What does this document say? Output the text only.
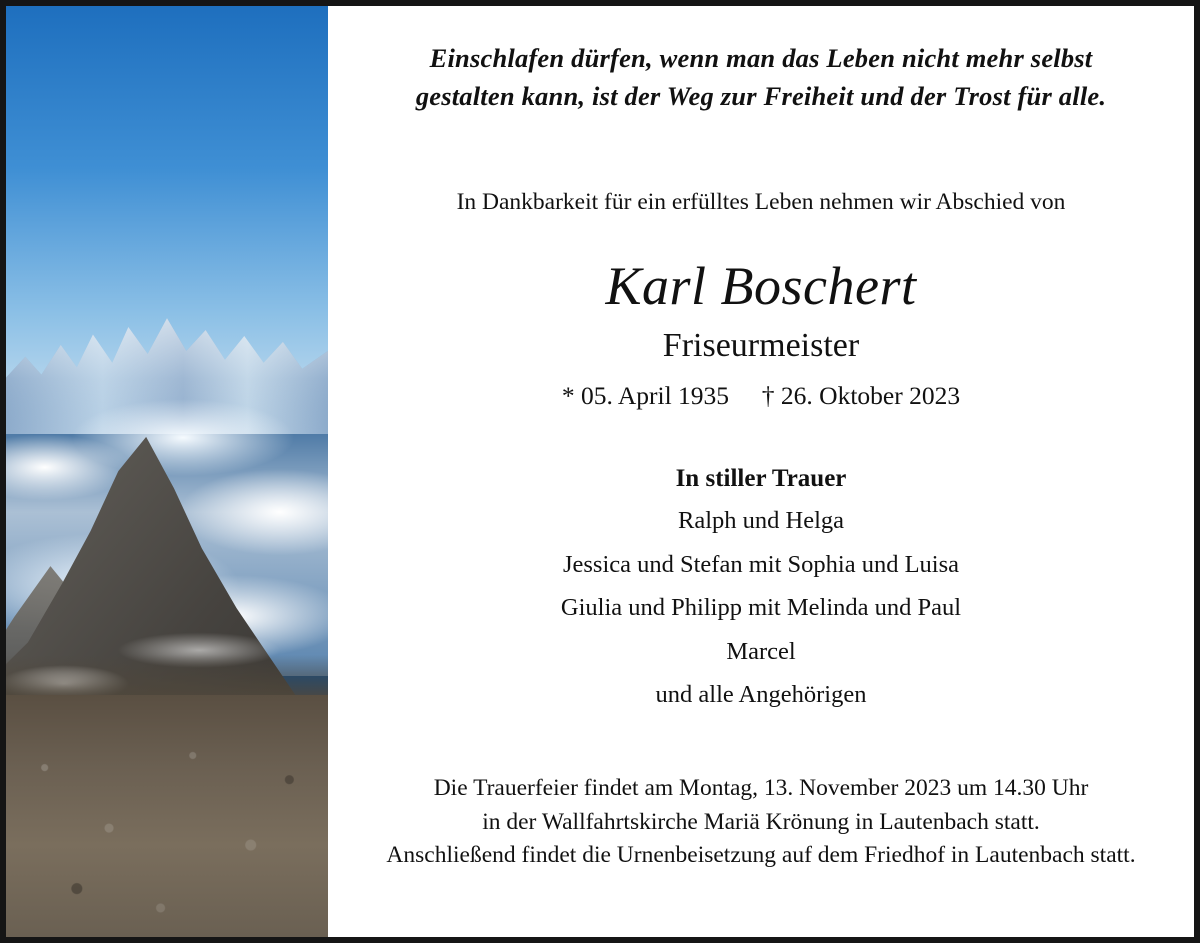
Einschlafen dürfen, wenn man das Leben nicht mehr selbst
gestalten kann, ist der Weg zur Freiheit und der Trost für alle.
In Dankbarkeit für ein erfülltes Leben nehmen wir Abschied von
Karl Boschert
Friseurmeister
* 05. April 1935 † 26. Oktober 2023
In stiller Trauer
Ralph und Helga
Jessica und Stefan mit Sophia und Luisa
Giulia und Philipp mit Melinda und Paul
Marcel
und alle Angehörigen
Die Trauerfeier findet am Montag, 13. November 2023 um 14.30 Uhr
in der Wallfahrtskirche Mariä Krönung in Lautenbach statt.
Anschließend findet die Urnenbeisetzung auf dem Friedhof in Lautenbach statt.
